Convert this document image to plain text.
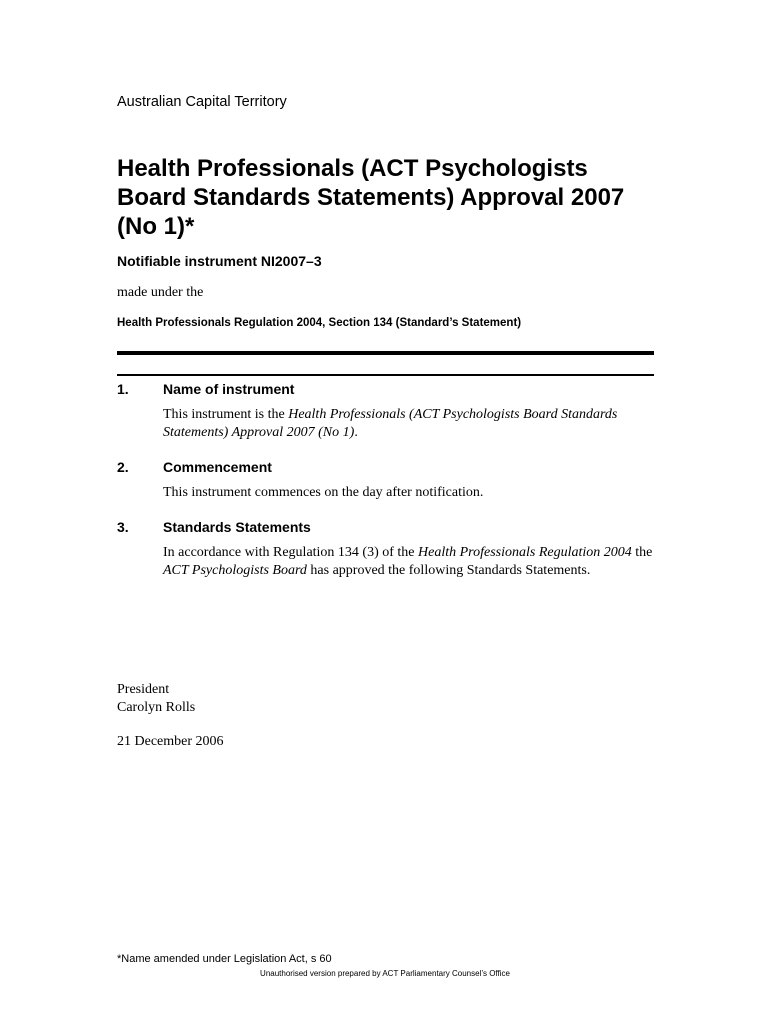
Australian Capital Territory
Health Professionals (ACT Psychologists Board Standards Statements) Approval 2007 (No 1)*
Notifiable instrument NI2007–3
made under the
Health Professionals Regulation 2004, Section 134 (Standard’s Statement)
1.	Name of instrument
This instrument is the Health Professionals (ACT Psychologists Board Standards Statements) Approval 2007 (No 1).
2.	Commencement
This instrument commences on the day after notification.
3.	Standards Statements
In accordance with Regulation 134 (3) of the Health Professionals Regulation 2004 the ACT Psychologists Board has approved the following Standards Statements.
President
Carolyn Rolls
21 December 2006
*Name amended under Legislation Act, s 60
Unauthorised version prepared by ACT Parliamentary Counsel’s Office
